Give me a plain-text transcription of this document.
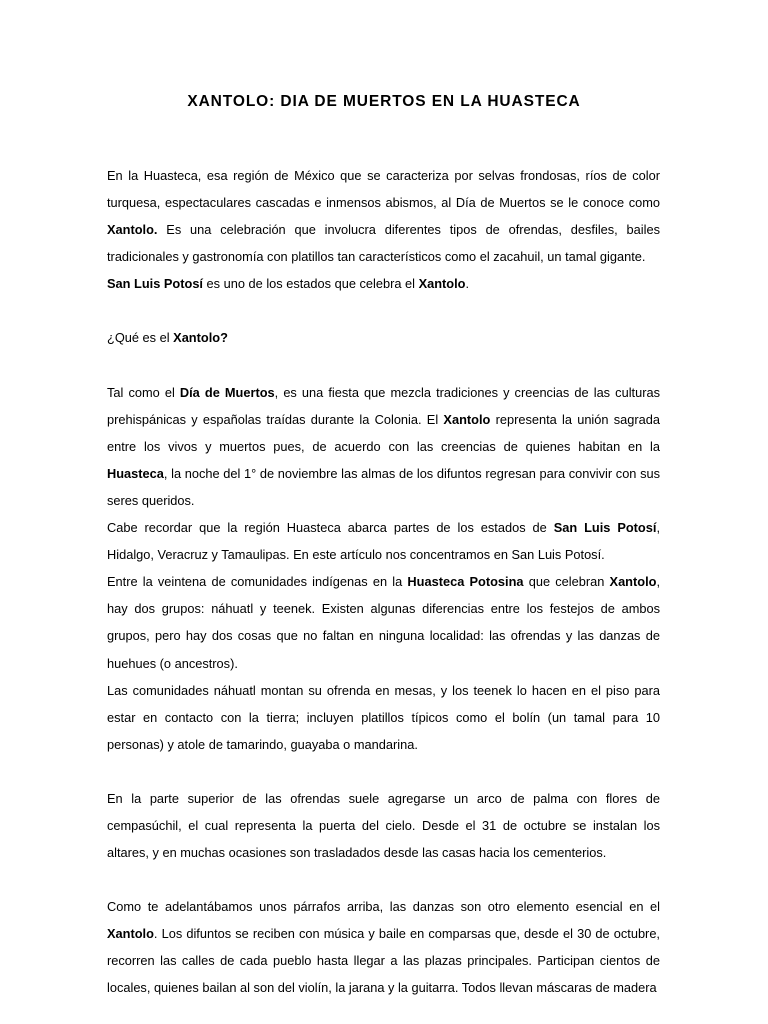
XANTOLO: DIA DE MUERTOS EN LA HUASTECA

En la Huasteca, esa región de México que se caracteriza por selvas frondosas, ríos de color turquesa, espectaculares cascadas e inmensos abismos, al Día de Muertos se le conoce como Xantolo. Es una celebración que involucra diferentes tipos de ofrendas, desfiles, bailes tradicionales y gastronomía con platillos tan característicos como el zacahuil, un tamal gigante.

San Luis Potosí es uno de los estados que celebra el Xantolo.

¿Qué es el Xantolo?

Tal como el Día de Muertos, es una fiesta que mezcla tradiciones y creencias de las culturas prehispánicas y españolas traídas durante la Colonia. El Xantolo representa la unión sagrada entre los vivos y muertos pues, de acuerdo con las creencias de quienes habitan en la Huasteca, la noche del 1° de noviembre las almas de los difuntos regresan para convivir con sus seres queridos.

Cabe recordar que la región Huasteca abarca partes de los estados de San Luis Potosí, Hidalgo, Veracruz y Tamaulipas. En este artículo nos concentramos en San Luis Potosí.

Entre la veintena de comunidades indígenas en la Huasteca Potosina que celebran Xantolo, hay dos grupos: náhuatl y teenek. Existen algunas diferencias entre los festejos de ambos grupos, pero hay dos cosas que no faltan en ninguna localidad: las ofrendas y las danzas de huehues (o ancestros).

Las comunidades náhuatl montan su ofrenda en mesas, y los teenek lo hacen en el piso para estar en contacto con la tierra; incluyen platillos típicos como el bolín (un tamal para 10 personas) y atole de tamarindo, guayaba o mandarina.

En la parte superior de las ofrendas suele agregarse un arco de palma con flores de cempasúchil, el cual representa la puerta del cielo. Desde el 31 de octubre se instalan los altares, y en muchas ocasiones son trasladados desde las casas hacia los cementerios.

Como te adelantábamos unos párrafos arriba, las danzas son otro elemento esencial en el Xantolo. Los difuntos se reciben con música y baile en comparsas que, desde el 30 de octubre, recorren las calles de cada pueblo hasta llegar a las plazas principales. Participan cientos de locales, quienes bailan al son del violín, la jarana y la guitarra. Todos llevan máscaras de madera
